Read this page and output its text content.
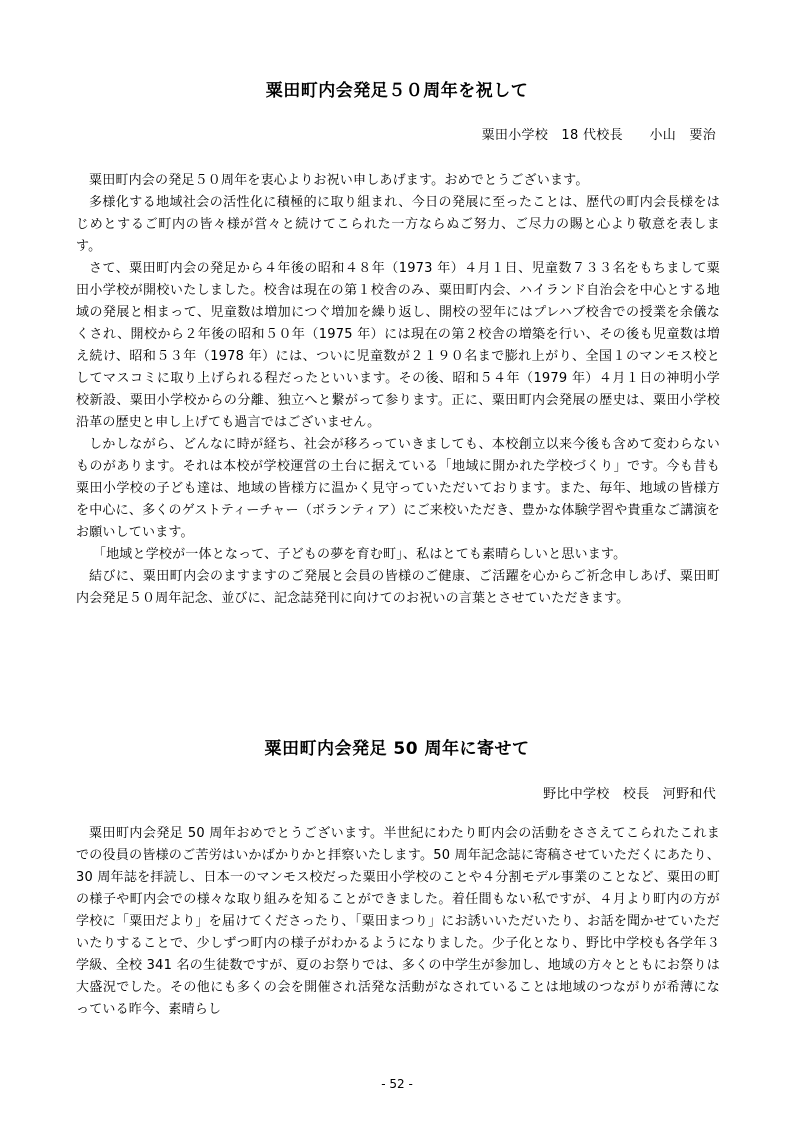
粟田町内会発足５０周年を祝して
粟田小学校　18 代校長　　小山　要治

粟田町内会の発足５０周年を衷心よりお祝い申しあげます。おめでとうございます。

多様化する地域社会の活性化に積極的に取り組まれ、今日の発展に至ったことは、歴代の町内会長様をはじめとするご町内の皆々様が営々と続けてこられた一方ならぬご努力、ご尽力の賜と心より敬意を表します。

さて、粟田町内会の発足から４年後の昭和４８年（1973 年）４月１日、児童数７３３名をもちまして粟田小学校が開校いたしました。校舎は現在の第１校舎のみ、粟田町内会、ハイランド自治会を中心とする地域の発展と相まって、児童数は増加につぐ増加を繰り返し、開校の翌年にはプレハブ校舎での授業を余儀なくされ、開校から２年後の昭和５０年（1975 年）には現在の第２校舎の増築を行い、その後も児童数は増え続け、昭和５３年（1978 年）には、ついに児童数が２１９０名まで膨れ上がり、全国１のマンモス校としてマスコミに取り上げられる程だったといいます。その後、昭和５４年（1979 年）４月１日の神明小学校新設、粟田小学校からの分離、独立へと繋がって参ります。正に、粟田町内会発展の歴史は、粟田小学校沿革の歴史と申し上げても過言ではございません。

しかしながら、どんなに時が経ち、社会が移ろっていきましても、本校創立以来今後も含めて変わらないものがあります。それは本校が学校運営の土台に据えている「地域に開かれた学校づくり」です。今も昔も粟田小学校の子ども達は、地域の皆様方に温かく見守っていただいております。また、毎年、地域の皆様方を中心に、多くのゲストティーチャー（ボランティア）にご来校いただき、豊かな体験学習や貴重なご講演をお願いしています。

「地域と学校が一体となって、子どもの夢を育む町」、私はとても素晴らしいと思います。

結びに、粟田町内会のますますのご発展と会員の皆様のご健康、ご活躍を心からご祈念申しあげ、粟田町内会発足５０周年記念、並びに、記念誌発刊に向けてのお祝いの言葉とさせていただきます。

粟田町内会発足 50 周年に寄せて
野比中学校　校長　河野和代

粟田町内会発足 50 周年おめでとうございます。半世紀にわたり町内会の活動をささえてこられたこれまでの役員の皆様のご苦労はいかばかりかと拝察いたします。50 周年記念誌に寄稿させていただくにあたり、30 周年誌を拝読し、日本一のマンモス校だった粟田小学校のことや４分割モデル事業のことなど、粟田の町の様子や町内会での様々な取り組みを知ることができました。着任間もない私ですが、４月より町内の方が学校に「粟田だより」を届けてくださったり、「粟田まつり」にお誘いいただいたり、お話を聞かせていただいたりすることで、少しずつ町内の様子がわかるようになりました。少子化となり、野比中学校も各学年３学級、全校 341 名の生徒数ですが、夏のお祭りでは、多くの中学生が参加し、地域の方々とともにお祭りは大盛況でした。その他にも多くの会を開催され活発な活動がなされていることは地域のつながりが希薄になっている昨今、素晴らし

- 52 -
